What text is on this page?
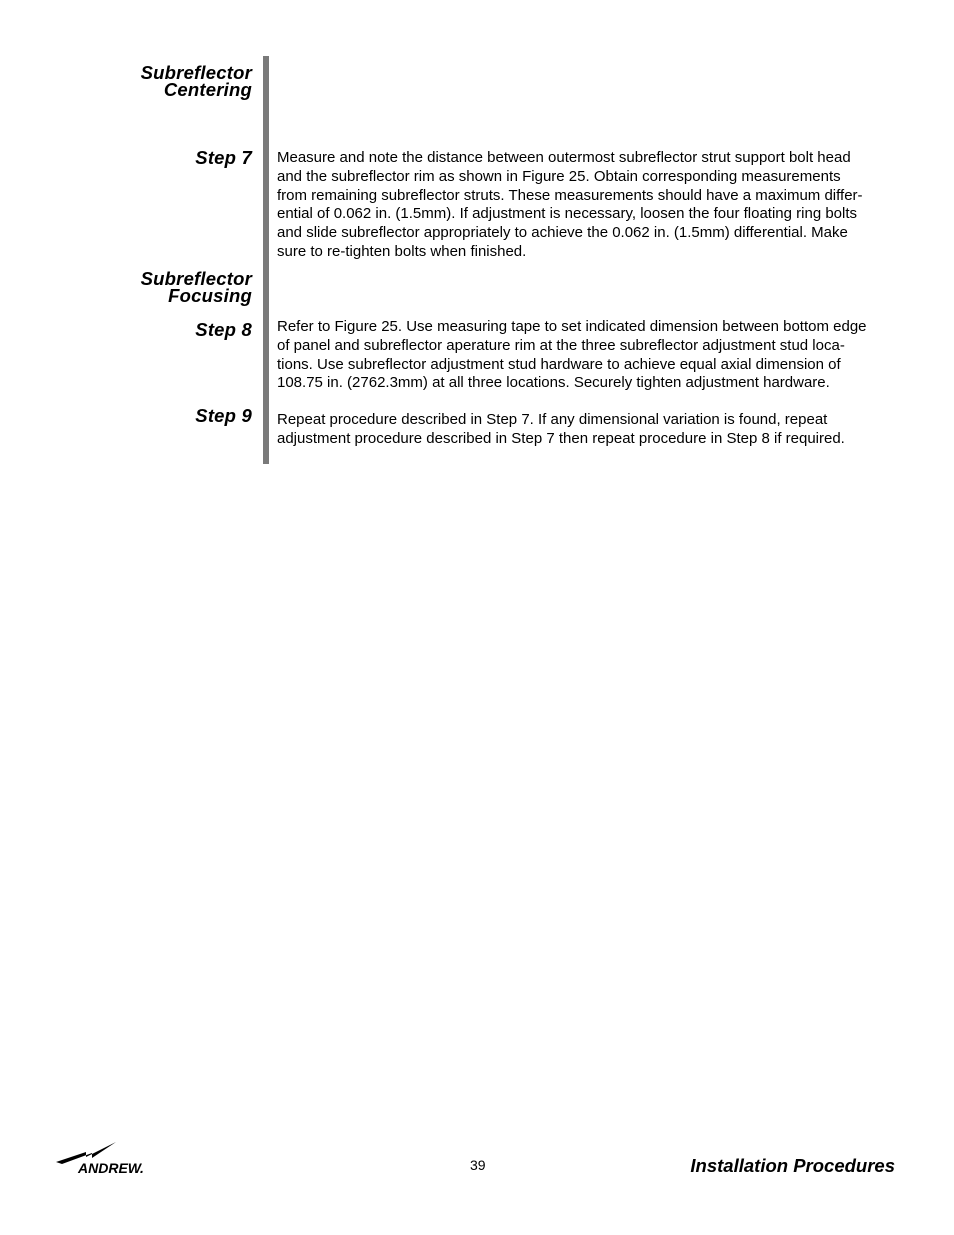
Subreflector
Centering
Step 7 Measure and note the distance between outermost subreflector strut support bolt head
and the subreflector rim as shown in Figure 25. Obtain corresponding measurements
from remaining subreflector struts. These measurements should have a maximum differ-
ential of 0.062 in. (1.5mm). If adjustment is necessary, loosen the four floating ring bolts
and slide subreflector appropriately to achieve the 0.062 in. (1.5mm) differential. Make
sure to re-tighten bolts when finished.
Subreflector
Focusing
Step 8 Refer to Figure 25. Use measuring tape to set indicated dimension between bottom edge
of panel and subreflector aperature rim at the three subreflector adjustment stud loca-
tions. Use subreflector adjustment stud hardware to achieve equal axial dimension of
108.75 in. (2762.3mm) at all three locations. Securely tighten adjustment hardware.
Step 9 Repeat procedure described in Step 7. If any dimensional variation is found, repeat
adjustment procedure described in Step 7 then repeat procedure in Step 8 if required.
ANDREW.	39	Installation Procedures
